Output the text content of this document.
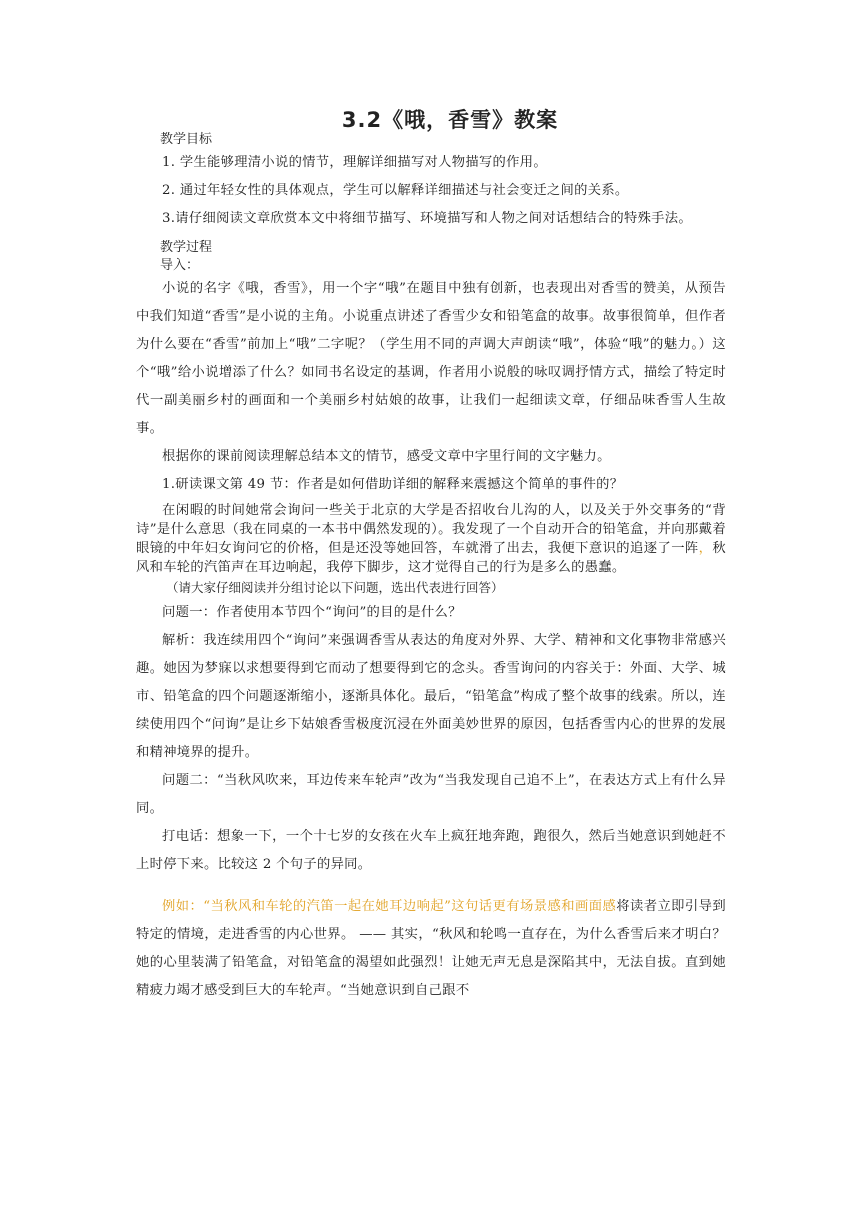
3.2《哦，香雪》教案
教学目标

1. 学生能够理清小说的情节，理解详细描写对人物描写的作用。

2. 通过年轻女性的具体观点，学生可以解释详细描述与社会变迁之间的关系。

3.请仔细阅读文章欣赏本文中将细节描写、环境描写和人物之间对话想结合的特殊手法。

教学过程
导入：

小说的名字《哦，香雪》，用一个字“哦”在题目中独有创新，也表现出对香雪的赞美，从预告中我们知道“香雪”是小说的主角。小说重点讲述了香雪少女和铅笔盒的故事。故事很简单，但作者为什么要在“香雪”前加上“哦”二字呢？（学生用不同的声调大声朗读“哦”，体验“哦”的魅力。）这个“哦”给小说增添了什么？如同书名设定的基调，作者用小说般的咏叹调抒情方式，描绘了特定时代一副美丽乡村的画面和一个美丽乡村姑娘的故事，让我们一起细读文章，仔细品味香雪人生故事。

根据你的课前阅读理解总结本文的情节，感受文章中字里行间的文字魅力。

1.研读课文第 49 节：作者是如何借助详细的解释来震撼这个简单的事件的？

在闲暇的时间她常会询问一些关于北京的大学是否招收台儿沟的人，以及关于外交事务的“背诗”是什么意思（我在同桌的一本书中偶然发现的）。我发现了一个自动开合的铅笔盒，并向那戴着眼镜的中年妇女询问它的价格，但是还没等她回答，车就滑了出去，我便下意识的追逐了一阵，秋风和车轮的汽笛声在耳边响起，我停下脚步，这才觉得自己的行为是多么的愚蠢。

（请大家仔细阅读并分组讨论以下问题，选出代表进行回答）

问题一：作者使用本节四个“询问”的目的是什么？

解析：我连续用四个“询问”来强调香雪从表达的角度对外界、大学、精神和文化事物非常感兴趣。她因为梦寐以求想要得到它而动了想要得到它的念头。香雪询问的内容关于：外面、大学、城市、铅笔盒的四个问题逐渐缩小，逐渐具体化。最后，“铅笔盒”构成了整个故事的线索。所以，连续使用四个“问询”是让乡下姑娘香雪极度沉浸在外面美妙世界的原因，包括香雪内心的世界的发展和精神境界的提升。

问题二：“当秋风吹来，耳边传来车轮声”改为“当我发现自己追不上”，在表达方式上有什么异同。

打电话：想象一下，一个十七岁的女孩在火车上疯狂地奔跑，跑很久，然后当她意识到她赶不上时停下来。比较这 2 个句子的异同。

例如：“当秋风和车轮的汽笛一起在她耳边响起”这句话更有场景感和画面感将读者立即引导到特定的情境，走进香雪的内心世界。 —— 其实，“秋风和轮鸣一直存在，为什么香雪后来才明白？她的心里装满了铅笔盒，对铅笔盒的渴望如此强烈！让她无声无息是深陷其中，无法自拔。直到她精疲力竭才感受到巨大的车轮声。“当她意识到自己跟不
